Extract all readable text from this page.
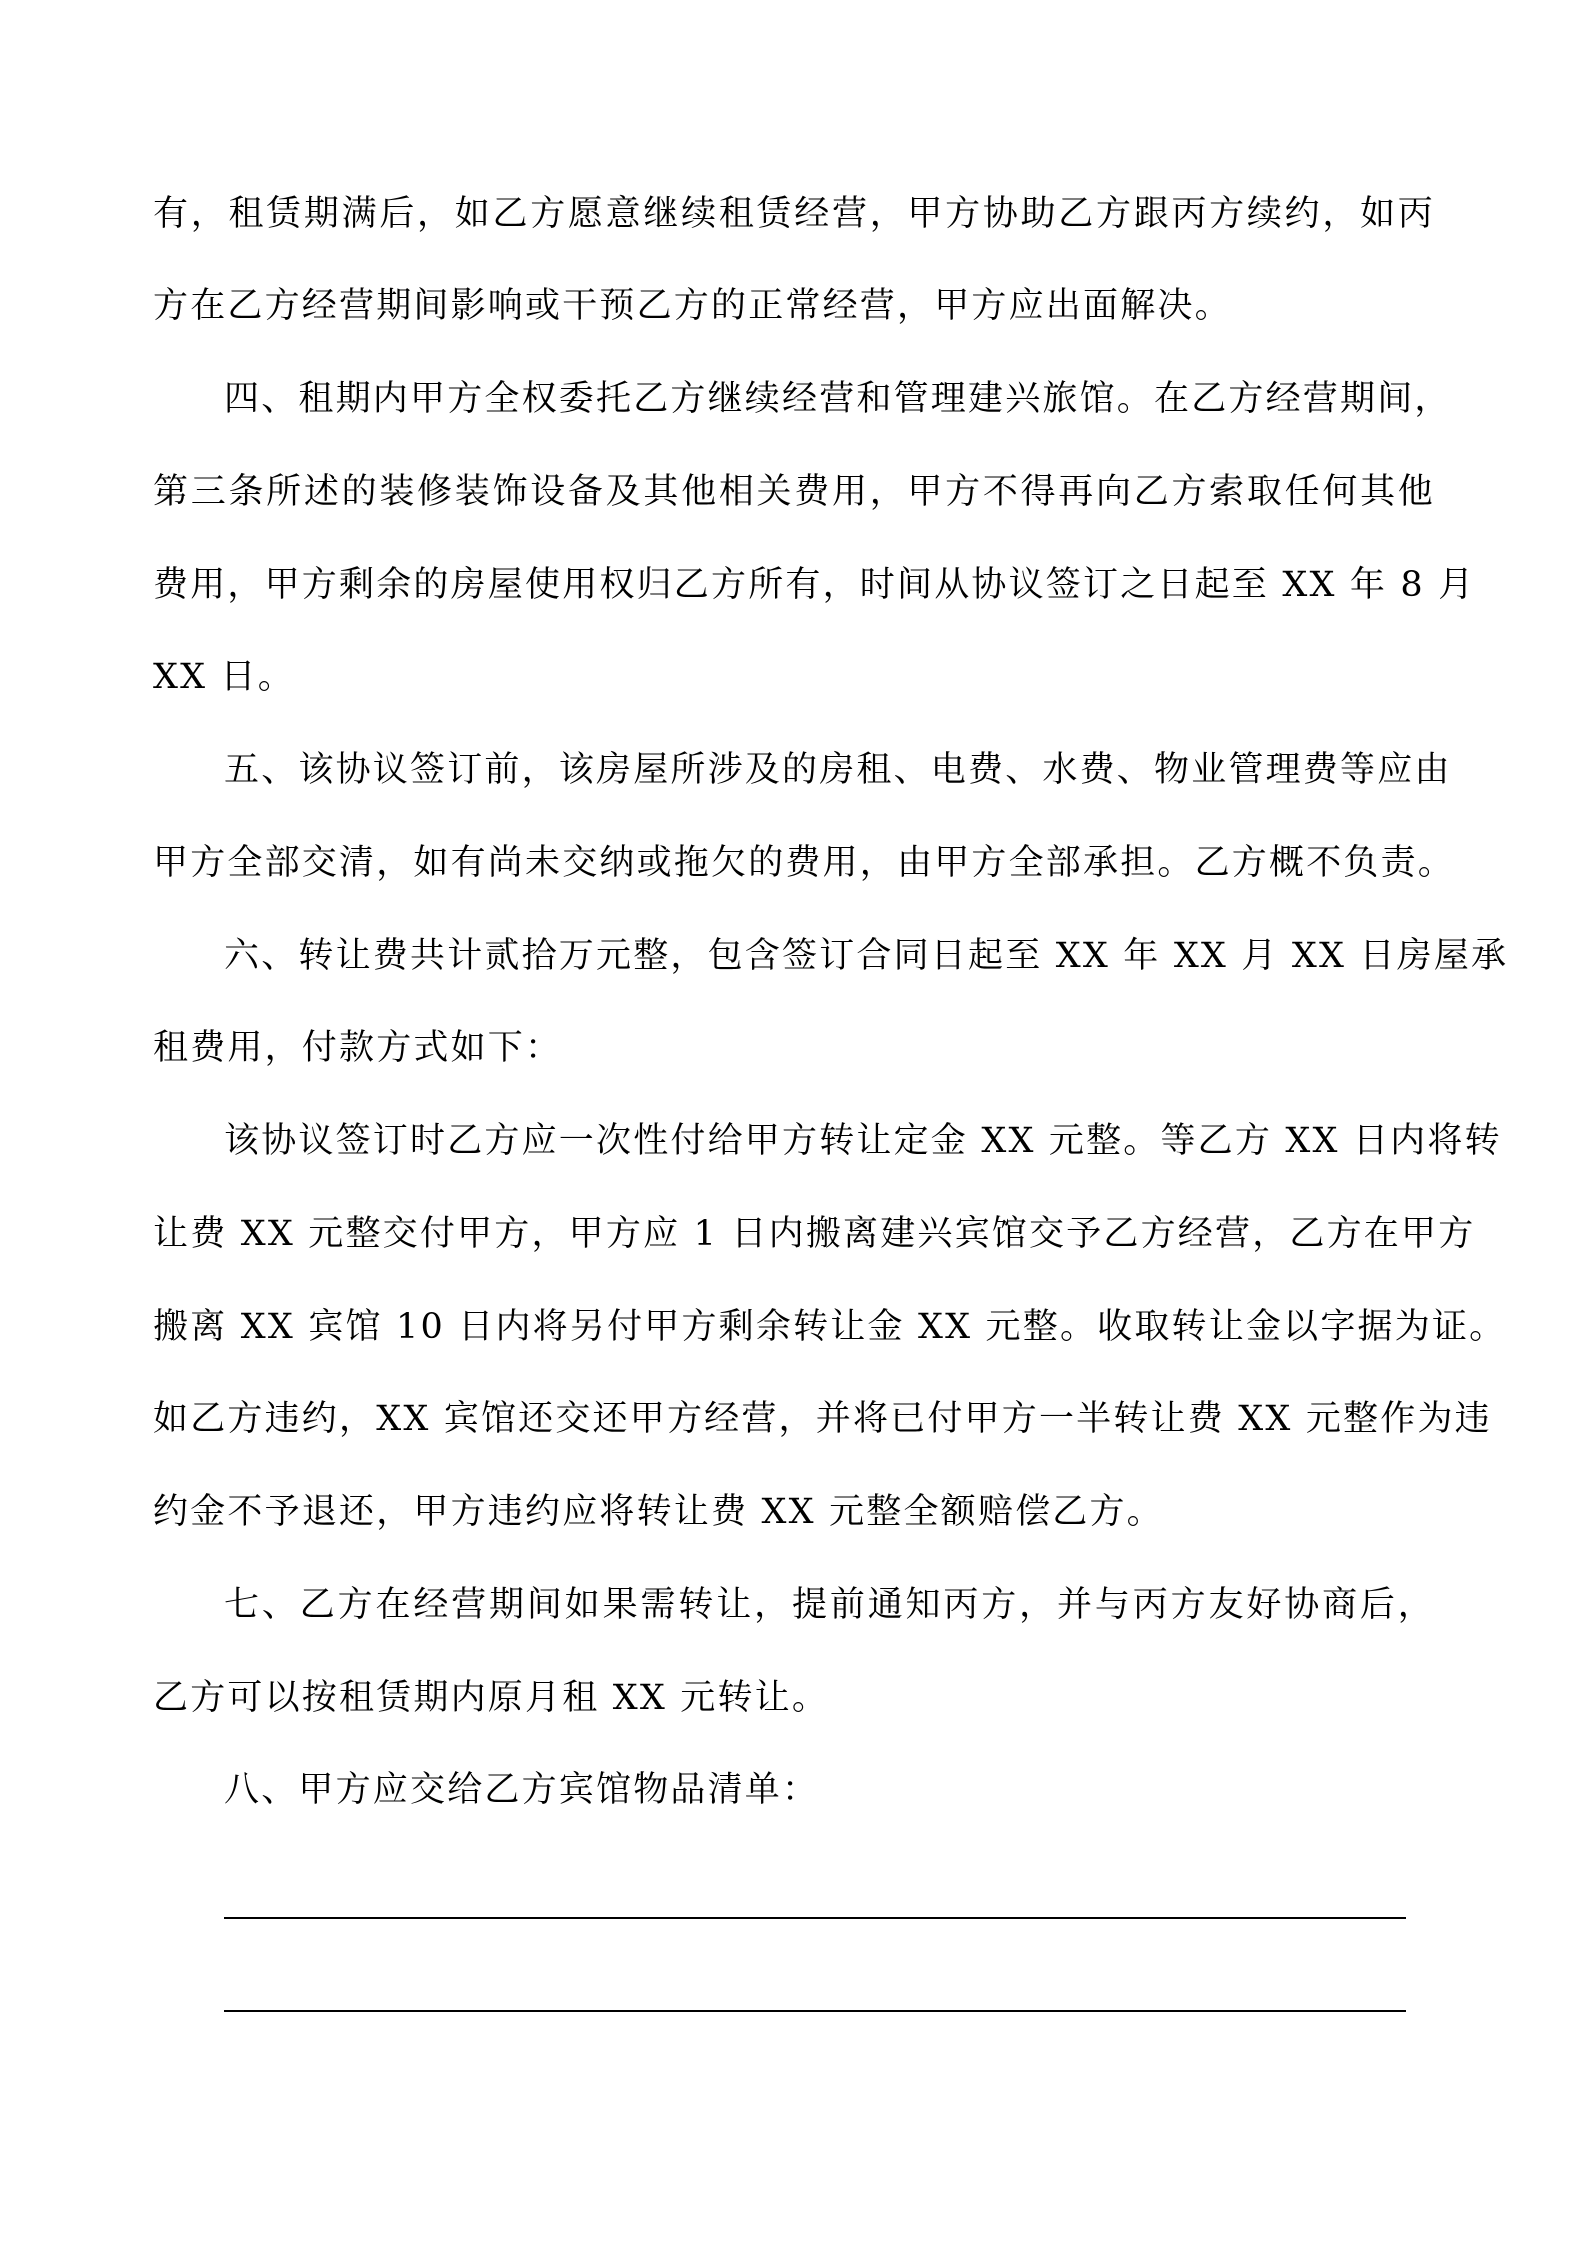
有，租赁期满后，如乙方愿意继续租赁经营，甲方协助乙方跟丙方续约，如丙
方在乙方经营期间影响或干预乙方的正常经营，甲方应出面解决。
四、租期内甲方全权委托乙方继续经营和管理建兴旅馆。在乙方经营期间，
第三条所述的装修装饰设备及其他相关费用，甲方不得再向乙方索取任何其他
费用，甲方剩余的房屋使用权归乙方所有，时间从协议签订之日起至 XX 年 8 月
XX 日。
五、该协议签订前，该房屋所涉及的房租、电费、水费、物业管理费等应由
甲方全部交清，如有尚未交纳或拖欠的费用，由甲方全部承担。乙方概不负责。
六、转让费共计贰拾万元整，包含签订合同日起至 XX 年 XX 月 XX 日房屋承
租费用，付款方式如下：
该协议签订时乙方应一次性付给甲方转让定金 XX 元整。等乙方 XX 日内将转
让费 XX 元整交付甲方，甲方应 1 日内搬离建兴宾馆交予乙方经营，乙方在甲方
搬离 XX 宾馆 10 日内将另付甲方剩余转让金 XX 元整。收取转让金以字据为证。
如乙方违约，XX 宾馆还交还甲方经营，并将已付甲方一半转让费 XX 元整作为违
约金不予退还，甲方违约应将转让费 XX 元整全额赔偿乙方。
七、乙方在经营期间如果需转让，提前通知丙方，并与丙方友好协商后，
乙方可以按租赁期内原月租 XX 元转让。
八、甲方应交给乙方宾馆物品清单：
